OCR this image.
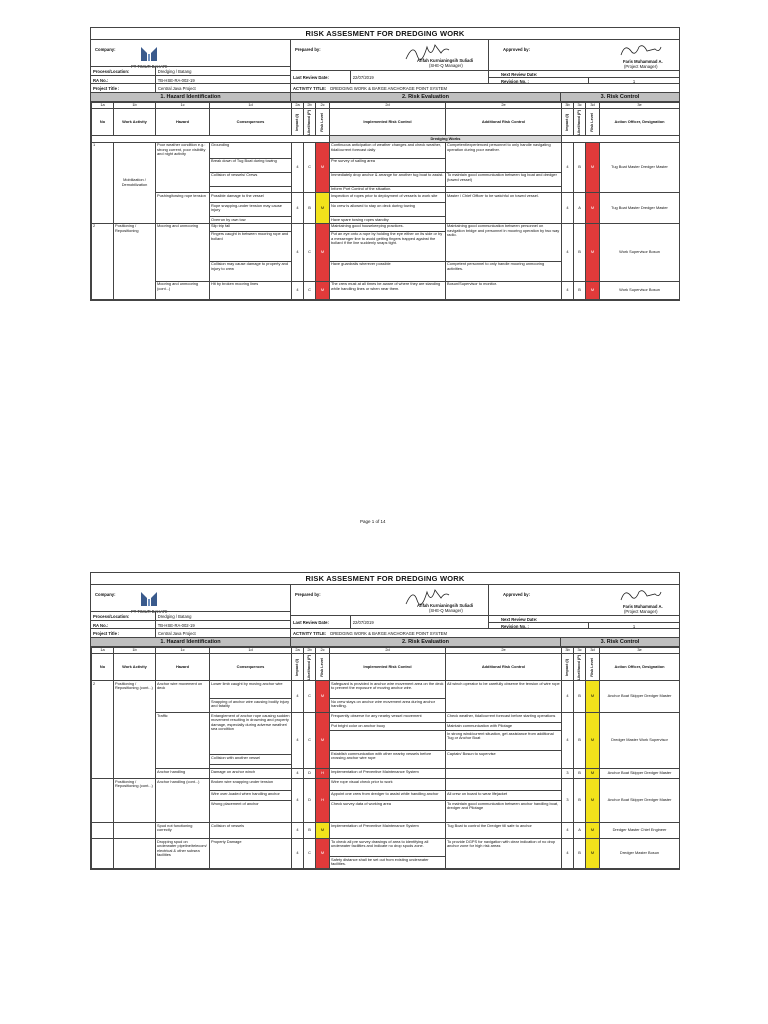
RISK ASSESMENT FOR DREDGING WORK
Company:
PT TIMUR BAHARI
Process/Location:	Dredging / Batang
RA No.:	TB-HSE-RA-002-19
Prepared by:
Afifah Kurnianingsih Suliadi
(SHE-Q Manager)
Last Review Date:	22/07/2019
Approved by:
Faris Muhammad A.
(Project Manager)
Next Review Date:
Revision No. :	1
Project Title :	Central Java Project	ACTIVITY TITLE: DREDGING WORK & BARGE ANCHORAGE POINT SYSTEM
1. Hazard Identification	2. Risk Evaluation	3. Risk Control
1a	1b	1c	1d	2a	2b	2c	2d	2e	3b	3c	3d	3e
No	Work Activity	Hazard	Consequences	Impact (I)	Likelihood (P)	Risk Level	Implemented Risk Control	Additional Risk Control	Impact (I)	Likelihood (P)	Risk Level	Action Officer, Designation
							Dredging Works					
1	Mobilization / Demobilization	Poor weather condition e.g.: strong current, poor visibility and night activity	Grounding	4	C	M	Continuous anticipation of weather changes and check weather, tidal/current forecast daily	Competent/experienced personnel to only handle navigating operation during poor weather.	4	B	M	Tug Boat Master Dredger Master
			Break down of Tug Boat during towing				Pre survey of sailing area					
			Collision of vessels/ Crews				Immediately drop anchor & arrange for another tug boat to assist.	To maintain good communication between tug boat and dredger (towed vessel)				
							Inform Port Control of the situation.					
		Pushing/towing rope tension	Possible damage to the vessel	4	B	M	Inspection of ropes prior to deployment of vessels to work site	Master / Chief Officer to be watchful on towed vessel.	4	A	M	Tug Boat Master Dredger Master
			Rope snapping-under tension may cause injury				No crew is allowed to stay on deck during towing					
			Overrun by own tow				Have spare towing ropes standby					
2	Positioning / Repositioning	Mooring and unmooring	Slip trip fall	4	C	M	Maintaining good housekeeping practices.	Maintaining good communication between personnel on navigation bridge and personnel in mooring operation by two way radio.	4	B	M	Work Supervisor Bosun
			Fingers caught in between mooring rope and bollard				Put an eye onto a rope by holding the eye either on its side or by a messenger line to avoid getting fingers trapped against the bollard if the line suddenly snaps tight.					
			Collision may cause damage to property and injury to crew				Have guardrails wherever possible	Competent personnel to only handle mooring unmooring activities.				
		Mooring and unmooring (cont...)	Hit by broken mooring lines	4	C	M	The crew must at all times be aware of where they are standing while handling lines or when near them.	Bosun/Supervisor to monitor.	4	B	M	Work Supervisor Bosun
Page 1 of 14
RISK ASSESMENT FOR DREDGING WORK
Company:
PT TIMUR BAHARI
Process/Location:	Dredging / Batang
RA No.:	TB-HSE-RA-002-19
Prepared by:
Afifah Kurnianingsih Suliadi
(SHE-Q Manager)
Last Review Date:	22/07/2019
Approved by:
Faris Muhammad A.
(Project Manager)
Next Review Date:
Revision No. :	1
Project Title :	Central Java Project	ACTIVITY TITLE: DREDGING WORK & BARGE ANCHORAGE POINT SYSTEM
1. Hazard Identification	2. Risk Evaluation	3. Risk Control
1a	1b	1c	1d	2a	2b	2c	2d	2e	3b	3c	3d	3e
No	Work Activity	Hazard	Consequences	Impact (I)	Likelihood (P)	Risk Level	Implemented Risk Control	Additional Risk Control	Impact (I)	Likelihood (P)	Risk Level	Action Officer, Designation
2	Positioning / Repositioning (cont...)	Anchor wire movement on deck	Lower limb caught by moving anchor wire	4	C	M	Safeguard is provided in anchor wire movement area on the deck to prevent the exposure of moving anchor wire.	All winch operator to be carefully observe the tension of wire rope	4	B	M	Anchor Boat Skipper Dredger Master
			Snapping of anchor wire causing bodily injury and fatality				No crew stays on anchor wire movement area during anchor handling.					
		Traffic	Entanglement of anchor rope causing sudden movement resulting in drowning and property damage, especially during adverse weather/ sea condition	4	C	M	Frequently observe for any nearby vessel movement	Check weather, tidal/current forecast before starting operations	4	B	M	Dredger Master Work Supervisor
							Put bright color on anchor buoy	Maintain communication with Pilotage				
								In strong wind/current situation, get assistance from additional Tug or Anchor Boat				
							Establish communication with other nearby vessels before crossing anchor wire rope	Captain/ Bosun to supervise				
			Collision with another vessel									

		Anchor handling	Damage on anchor winch	4	D	H	Implementation of Preventive Maintenance System		3	B	M	Anchor Boat Skipper Dredger Master
	Positioning / Repositioning (cont...)	Anchor handling (cont...)	Broken wire snapping under tension	4	D	H	Wire rope visual check prior to work		3	B	M	Anchor Boat Skipper Dredger Master
			Wire over-loaded when handling anchor				Appoint one crew from dredger to assist while handling anchor	All crew on board to wear lifejacket				
			Wrong placement of anchor				Check survey data of working area	To maintain good communication between anchor handling boat, dredger and Pilotage				
		Spud not functioning correctly	Collision of vessels	4	B	M	Implementation of Preventive Maintenance System	Tug Boat to control the Dredger till safe to anchor	4	A	M	Dredger Master Chief Engineer
		Dropping spud on underwater pipeline/telecom/ electrical & other subsea facilities	Property Damage	4	C	M	To check all pre survey drawings of area to identifying all underwater facilities and indicate no drop spuds zone.	To provide DGPS for navigation with clear indication of no drop anchor zone for high risk areas	4	B	M	Dredger Master Bosun
							Safety distance shall be set out from existing underwater facilities.					
